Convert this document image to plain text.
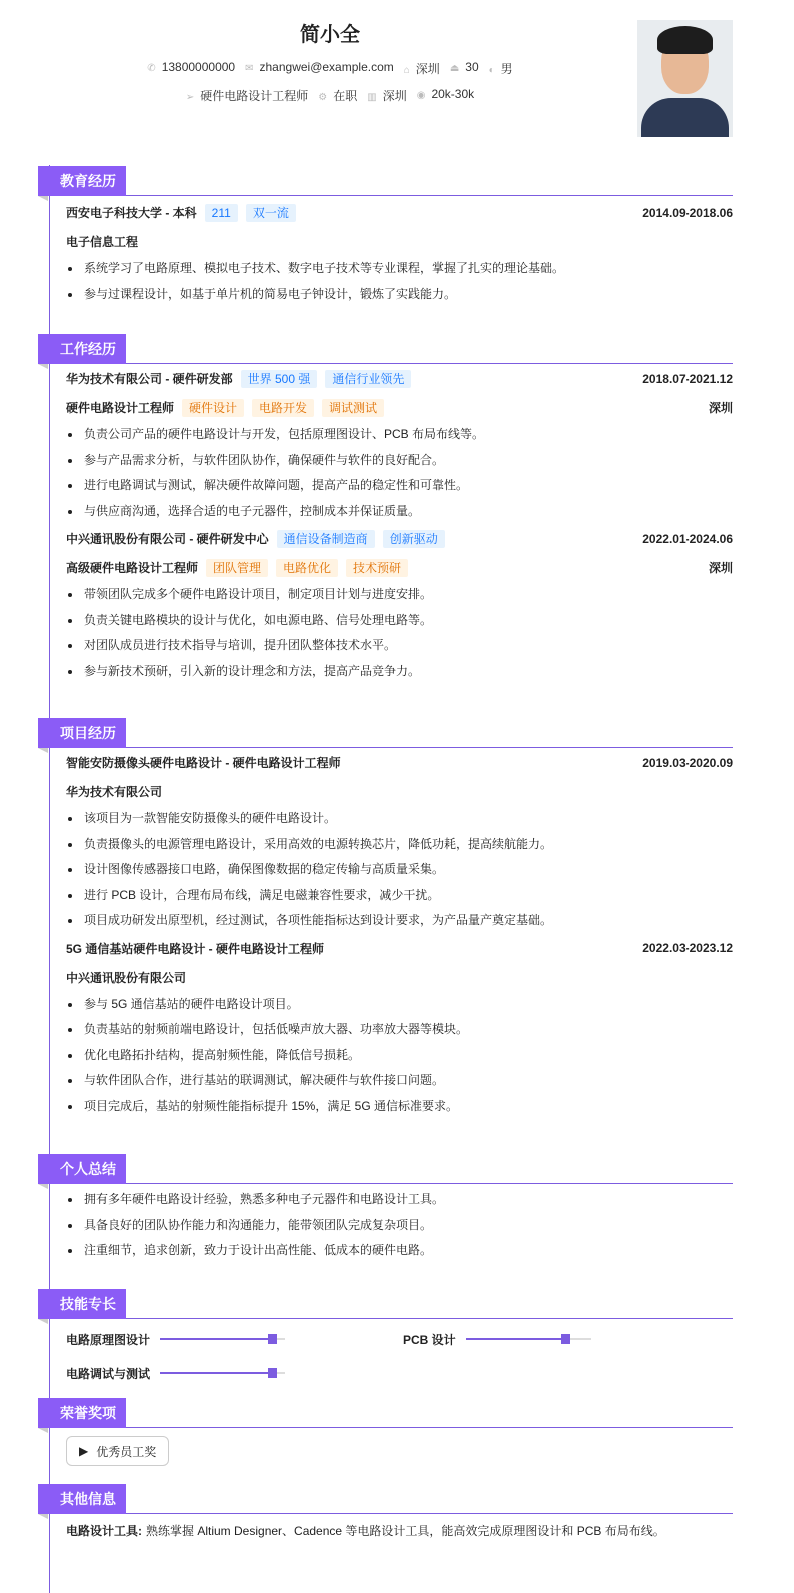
简小全
✆ 13800000000 ✉ zhangwei@example.com ⌂ 深圳 ⏏ 30 ◐ 男
➢ 硬件电路设计工程师 ⚙ 在职 ▥ 深圳 ◉ 20k-30k
教育经历
西安电子科技大学 - 本科	211	双一流	2014.09-2018.06
电子信息工程
系统学习了电路原理、模拟电子技术、数字电子技术等专业课程，掌握了扎实的理论基础。
参与过课程设计，如基于单片机的简易电子钟设计，锻炼了实践能力。
工作经历
华为技术有限公司 - 硬件研发部	世界 500 强	通信行业领先	2018.07-2021.12
硬件电路设计工程师	硬件设计	电路开发	调试测试	深圳
负责公司产品的硬件电路设计与开发，包括原理图设计、PCB 布局布线等。
参与产品需求分析，与软件团队协作，确保硬件与软件的良好配合。
进行电路调试与测试，解决硬件故障问题，提高产品的稳定性和可靠性。
与供应商沟通，选择合适的电子元器件，控制成本并保证质量。
中兴通讯股份有限公司 - 硬件研发中心	通信设备制造商	创新驱动	2022.01-2024.06
高级硬件电路设计工程师	团队管理	电路优化	技术预研	深圳
带领团队完成多个硬件电路设计项目，制定项目计划与进度安排。
负责关键电路模块的设计与优化，如电源电路、信号处理电路等。
对团队成员进行技术指导与培训，提升团队整体技术水平。
参与新技术预研，引入新的设计理念和方法，提高产品竞争力。
项目经历
智能安防摄像头硬件电路设计 - 硬件电路设计工程师	2019.03-2020.09
华为技术有限公司
该项目为一款智能安防摄像头的硬件电路设计。
负责摄像头的电源管理电路设计，采用高效的电源转换芯片，降低功耗，提高续航能力。
设计图像传感器接口电路，确保图像数据的稳定传输与高质量采集。
进行 PCB 设计，合理布局布线，满足电磁兼容性要求，减少干扰。
项目成功研发出原型机，经过测试，各项性能指标达到设计要求，为产品量产奠定基础。
5G 通信基站硬件电路设计 - 硬件电路设计工程师	2022.03-2023.12
中兴通讯股份有限公司
参与 5G 通信基站的硬件电路设计项目。
负责基站的射频前端电路设计，包括低噪声放大器、功率放大器等模块。
优化电路拓扑结构，提高射频性能，降低信号损耗。
与软件团队合作，进行基站的联调测试，解决硬件与软件接口问题。
项目完成后，基站的射频性能指标提升 15%，满足 5G 通信标准要求。
个人总结
拥有多年硬件电路设计经验，熟悉多种电子元器件和电路设计工具。
具备良好的团队协作能力和沟通能力，能带领团队完成复杂项目。
注重细节，追求创新，致力于设计出高性能、低成本的硬件电路。
技能专长
电路原理图设计	PCB 设计
电路调试与测试
荣誉奖项
▶ 优秀员工奖
其他信息
电路设计工具: 熟练掌握 Altium Designer、Cadence 等电路设计工具，能高效完成原理图设计和 PCB 布局布线。
